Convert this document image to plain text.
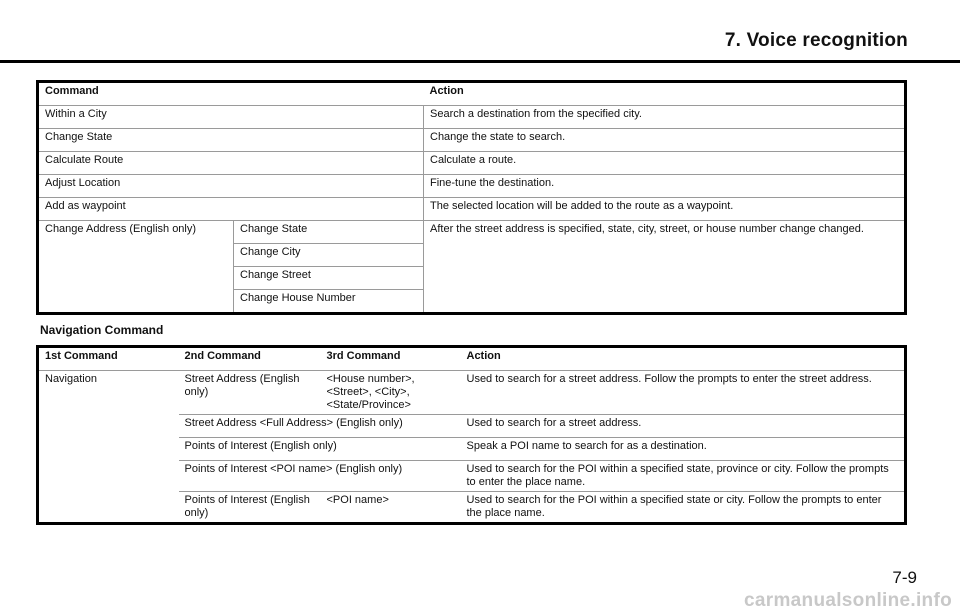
7. Voice recognition
Command		Action
Within a City		Search a destination from the specified city.
Change State		Change the state to search.
Calculate Route		Calculate a route.
Adjust Location		Fine-tune the destination.
Add as waypoint		The selected location will be added to the route as a waypoint.
Change Address (English only)	Change State	After the street address is specified, state, city, street, or house number change changed.
	Change City	
	Change Street	
	Change House Number	
Navigation Command
1st Command	2nd Command	3rd Command	Action
Navigation	Street Address (English only)	<House number>, <Street>, <City>, <State/Province>	Used to search for a street address. Follow the prompts to enter the street address.
	Street Address <Full Address> (English only)		Used to search for a street address.
	Points of Interest (English only)		Speak a POI name to search for as a destination.
	Points of Interest <POI name> (English only)		Used to search for the POI within a specified state, province or city. Follow the prompts to enter the place name.
	Points of Interest (English only)	<POI name>	Used to search for the POI within a specified state or city. Follow the prompts to enter the place name.
7-9
carmanualsonline.info
